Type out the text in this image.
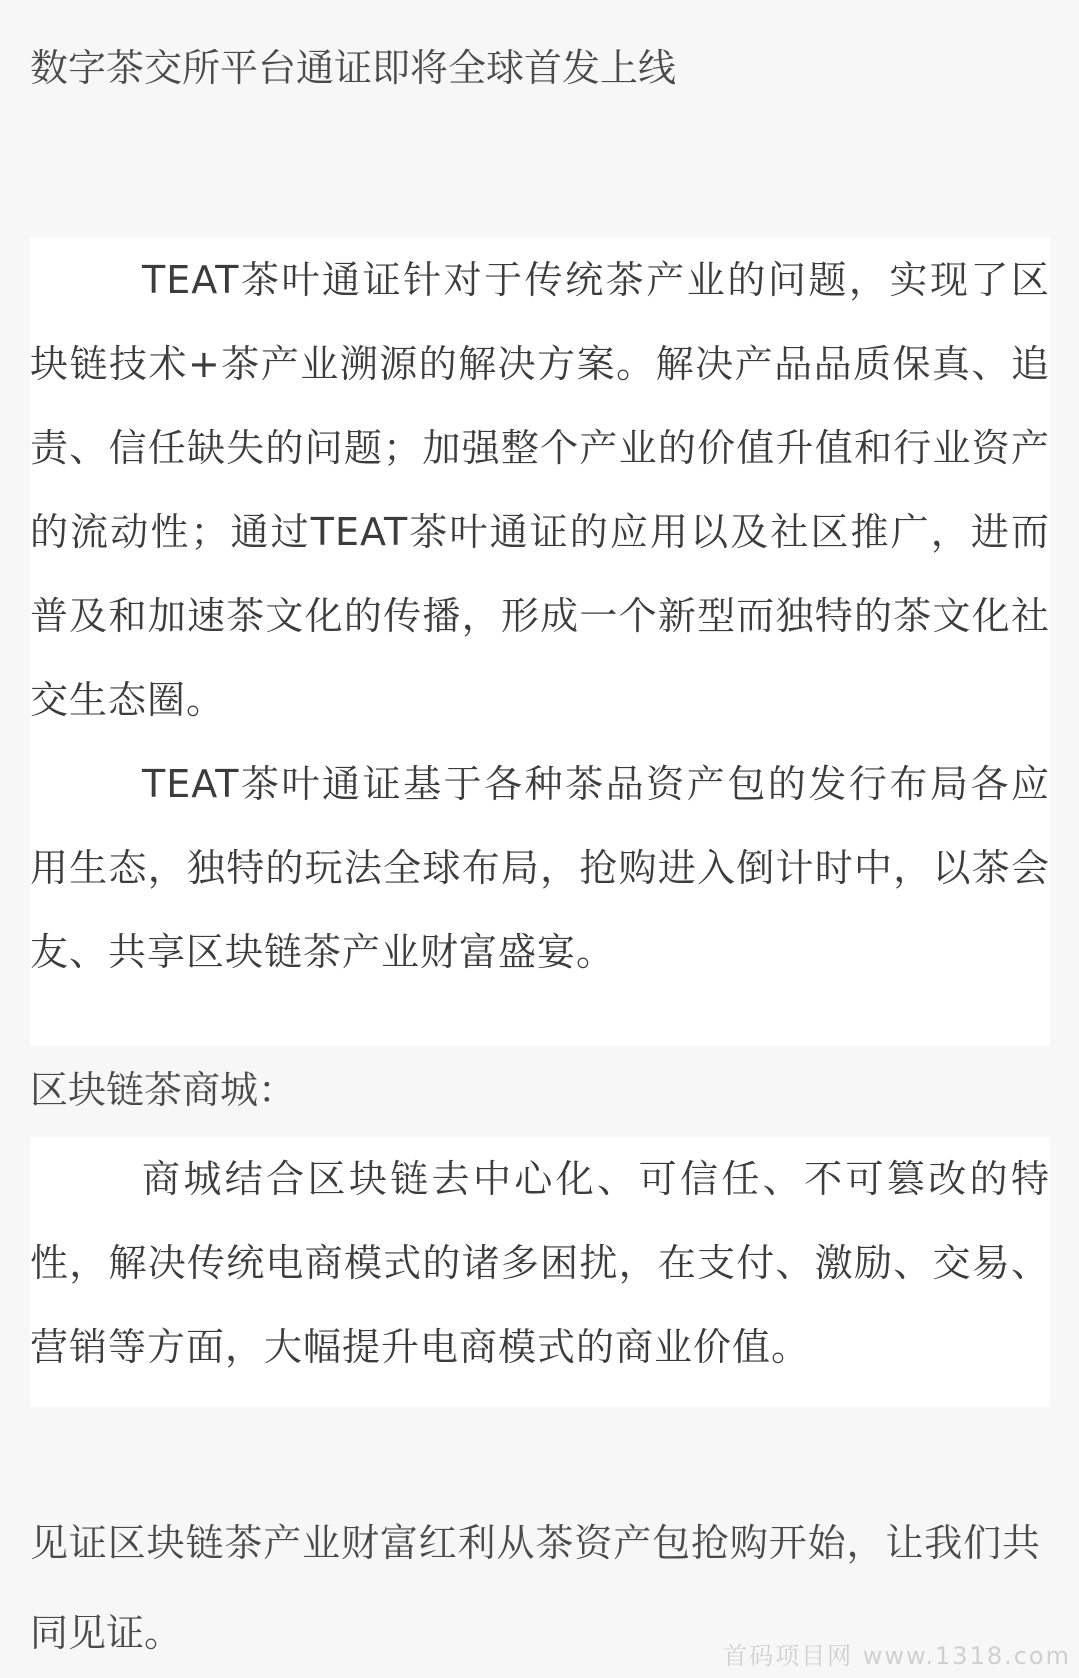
数字茶交所平台通证即将全球首发上线

TEAT茶叶通证针对于传统茶产业的问题，实现了区块链技术+茶产业溯源的解决方案。解决产品品质保真、追责、信任缺失的问题；加强整个产业的价值升值和行业资产的流动性；通过TEAT茶叶通证的应用以及社区推广，进而普及和加速茶文化的传播，形成一个新型而独特的茶文化社交生态圈。

TEAT茶叶通证基于各种茶品资产包的发行布局各应用生态，独特的玩法全球布局，抢购进入倒计时中，以茶会友、共享区块链茶产业财富盛宴。

区块链茶商城：

商城结合区块链去中心化、可信任、不可篡改的特性，解决传统电商模式的诸多困扰，在支付、激励、交易、营销等方面，大幅提升电商模式的商业价值。

见证区块链茶产业财富红利从茶资产包抢购开始，让我们共同见证。

首码项目网 www.1318.com
